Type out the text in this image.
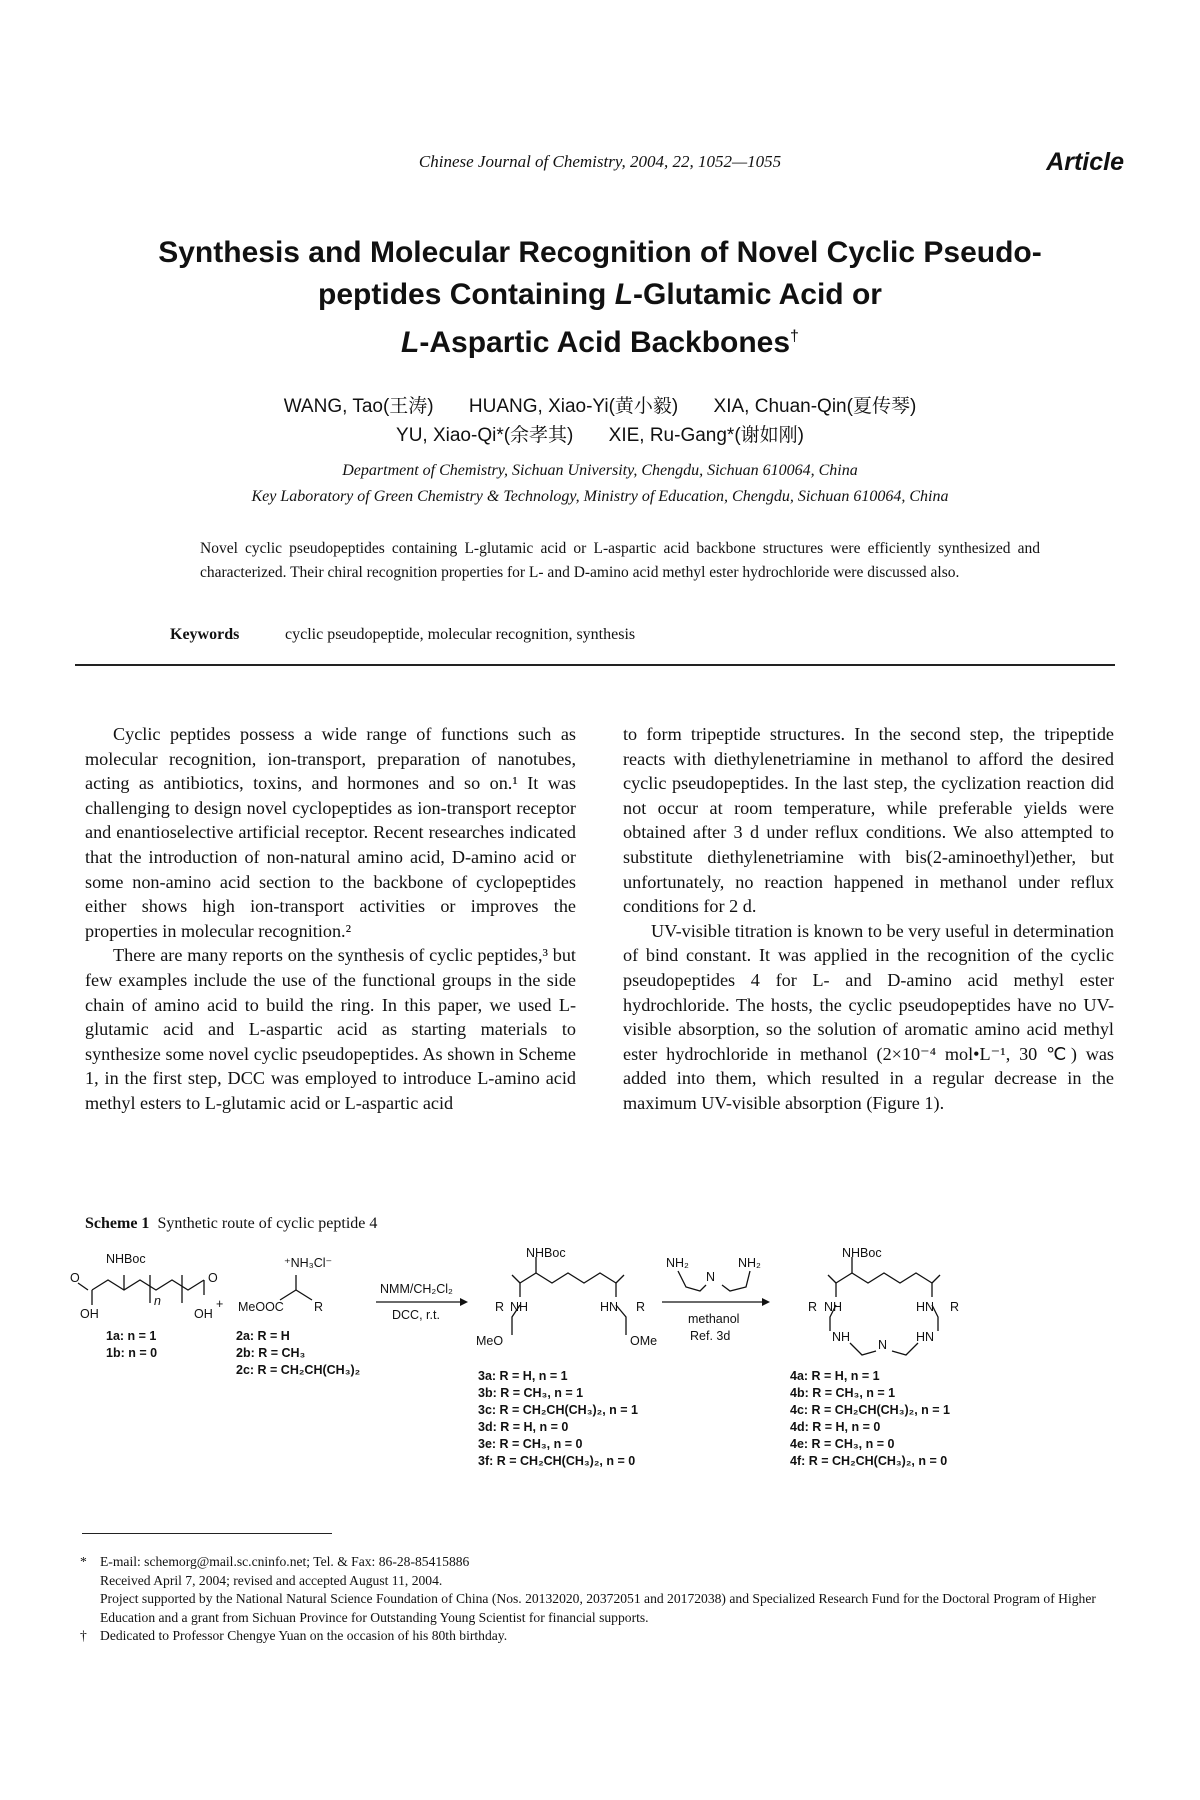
Chinese Journal of Chemistry, 2004, 22, 1052—1055	Article
Synthesis and Molecular Recognition of Novel Cyclic Pseudo-
peptides Containing L-Glutamic Acid or
L-Aspartic Acid Backbones†
WANG, Tao(王涛) HUANG, Xiao-Yi(黄小毅) XIA, Chuan-Qin(夏传琴)
YU, Xiao-Qi*(余孝其) XIE, Ru-Gang*(谢如刚)
Department of Chemistry, Sichuan University, Chengdu, Sichuan 610064, China
Key Laboratory of Green Chemistry & Technology, Ministry of Education, Chengdu, Sichuan 610064, China
Novel cyclic pseudopeptides containing L-glutamic acid or L-aspartic acid backbone structures were efficiently synthesized and characterized. Their chiral recognition properties for L- and D-amino acid methyl ester hydrochloride were discussed also.
Keywords	cyclic pseudopeptide, molecular recognition, synthesis

Cyclic peptides possess a wide range of functions such as molecular recognition, ion-transport, preparation of nanotubes, acting as antibiotics, toxins, and hormones and so on.¹ It was challenging to design novel cyclopeptides as ion-transport receptor and enantioselective artificial receptor. Recent researches indicated that the introduction of non-natural amino acid, D-amino acid or some non-amino acid section to the backbone of cyclopeptides either shows high ion-transport activities or improves the properties in molecular recognition.²

There are many reports on the synthesis of cyclic peptides,³ but few examples include the use of the functional groups in the side chain of amino acid to build the ring. In this paper, we used L-glutamic acid and L-aspartic acid as starting materials to synthesize some novel cyclic pseudopeptides. As shown in Scheme 1, in the first step, DCC was employed to introduce L-amino acid methyl esters to L-glutamic acid or L-aspartic acid

to form tripeptide structures. In the second step, the tripeptide reacts with diethylenetriamine in methanol to afford the desired cyclic pseudopeptides. In the last step, the cyclization reaction did not occur at room temperature, while preferable yields were obtained after 3 d under reflux conditions. We also attempted to substitute diethylenetriamine with bis(2-aminoethyl)ether, but unfortunately, no reaction happened in methanol under reflux conditions for 2 d.

UV-visible titration is known to be very useful in determination of bind constant. It was applied in the recognition of the cyclic pseudopeptides 4 for L- and D-amino acid methyl ester hydrochloride. The hosts, the cyclic pseudopeptides have no UV-visible absorption, so the solution of aromatic amino acid methyl ester hydrochloride in methanol (2×10⁻⁴ mol•L⁻¹, 30 ℃) was added into them, which resulted in a regular decrease in the maximum UV-visible absorption (Figure 1).

Scheme 1 Synthetic route of cyclic peptide 4
NHBoc
O	O
OH	OH
n
1a: n = 1
1b: n = 0
+
⁺NH₃Cl⁻
MeOOC R
2a: R = H
2b: R = CH₃
2c: R = CH₂CH(CH₃)₂
NMM/CH₂Cl₂
DCC, r.t.
NHBoc
R NH	HN R
MeO	OMe
3a: R = H, n = 1
3b: R = CH₃, n = 1
3c: R = CH₂CH(CH₃)₂, n = 1
3d: R = H, n = 0
3e: R = CH₃, n = 0
3f: R = CH₂CH(CH₃)₂, n = 0
NH₂
N
NH₂
methanol
Ref. 3d
NHBoc
R NH	HN R
NH
N
HN
4a: R = H, n = 1
4b: R = CH₃, n = 1
4c: R = CH₂CH(CH₃)₂, n = 1
4d: R = H, n = 0
4e: R = CH₃, n = 0
4f: R = CH₂CH(CH₃)₂, n = 0
* E-mail: schemorg@mail.sc.cninfo.net; Tel. & Fax: 86-28-85415886
Received April 7, 2004; revised and accepted August 11, 2004.
Project supported by the National Natural Science Foundation of China (Nos. 20132020, 20372051 and 20172038) and Specialized Research Fund for the Doctoral Program of Higher Education and a grant from Sichuan Province for Outstanding Young Scientist for financial supports.
† Dedicated to Professor Chengye Yuan on the occasion of his 80th birthday.
